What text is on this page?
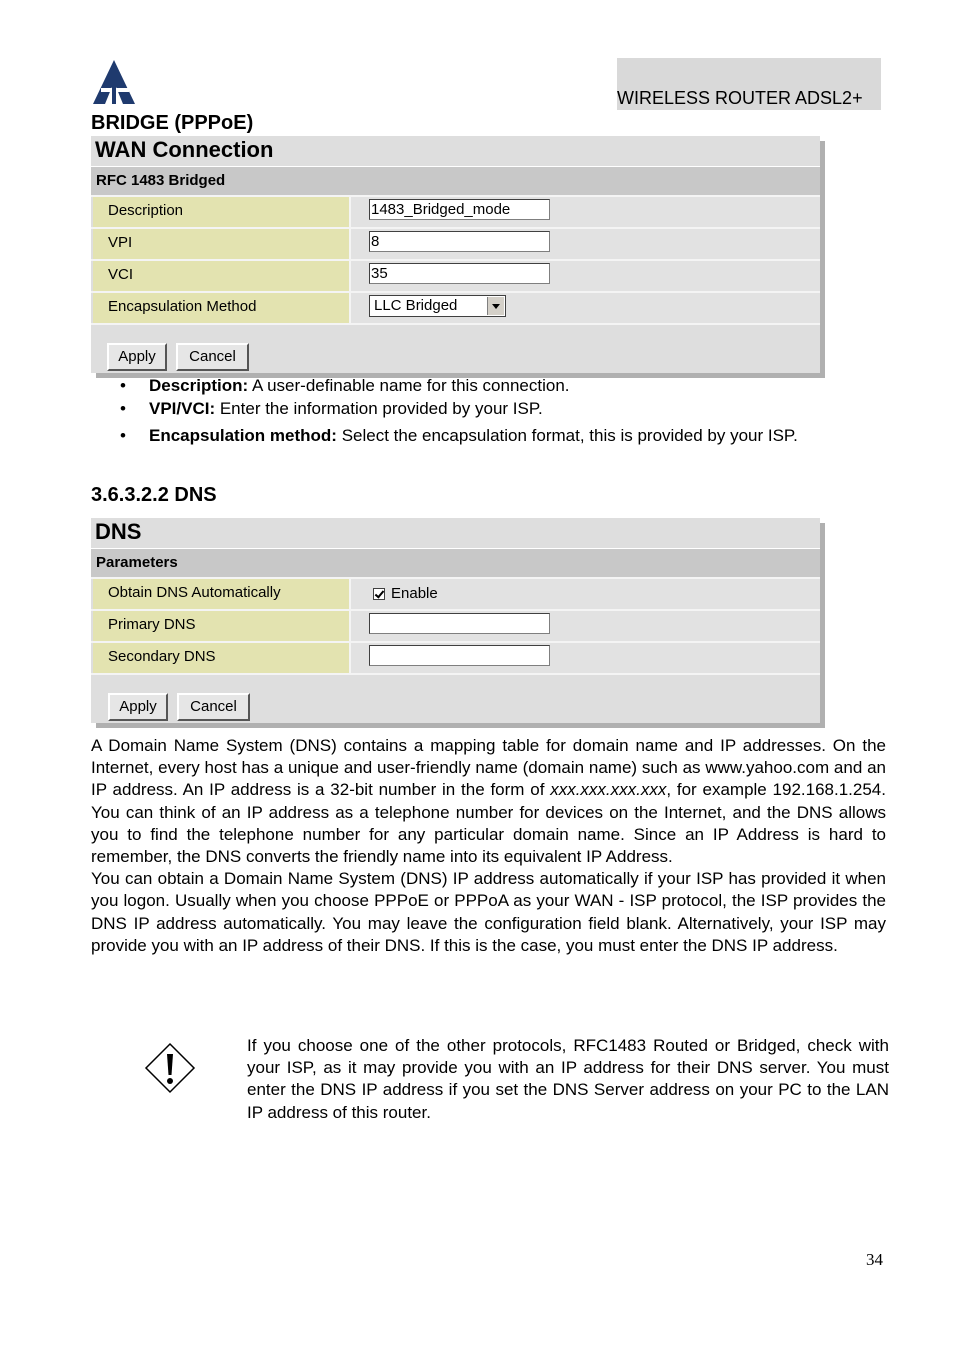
WIRELESS ROUTER ADSL2+
BRIDGE (PPPoE)
WAN Connection
RFC 1483 Bridged
Description	1483_Bridged_mode
VPI	8
VCI	35
Encapsulation Method	LLC Bridged
Apply	Cancel
• Description: A user-definable name for this connection.
• VPI/VCI: Enter the information provided by your ISP.
• Encapsulation method: Select the encapsulation format, this is provided by your ISP.
3.6.3.2.2 DNS
DNS
Parameters
Obtain DNS Automatically	Enable
Primary DNS
Secondary DNS
Apply	Cancel

A Domain Name System (DNS) contains a mapping table for domain name and IP addresses. On the Internet, every host has a unique and user-friendly name (domain name) such as www.yahoo.com and an IP address. An IP address is a 32-bit number in the form of xxx.xxx.xxx.xxx, for example 192.168.1.254. You can think of an IP address as a telephone number for devices on the Internet, and the DNS allows you to find the telephone number for any particular domain name. Since an IP Address is hard to remember, the DNS converts the friendly name into its equivalent IP Address.

You can obtain a Domain Name System (DNS) IP address automatically if your ISP has provided it when you logon. Usually when you choose PPPoE or PPPoA as your WAN - ISP protocol, the ISP provides the DNS IP address automatically. You may leave the configuration field blank. Alternatively, your ISP may provide you with an IP address of their DNS. If this is the case, you must enter the DNS IP address.

If you choose one of the other protocols, RFC1483 Routed or Bridged, check with your ISP, as it may provide you with an IP address for their DNS server. You must enter the DNS IP address if you set the DNS Server address on your PC to the LAN IP address of this router.
34
